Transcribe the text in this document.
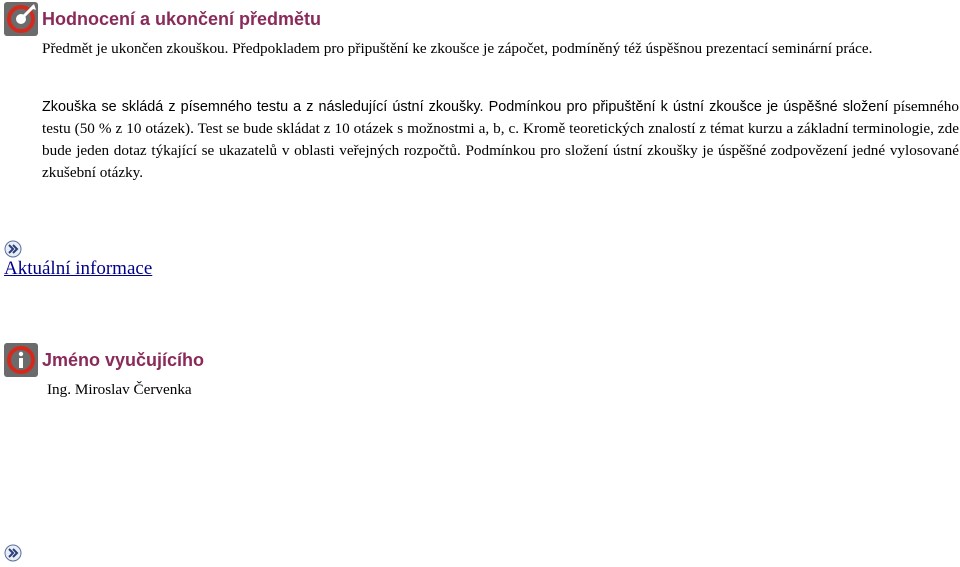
Hodnocení a ukončení předmětu

Předmět je ukončen zkouškou. Předpokladem pro připuštění ke zkoušce je zápočet, podmíněný též úspěšnou prezentací seminární práce.

Zkouška se skládá z písemného testu a z následující ústní zkoušky. Podmínkou pro připuštění k ústní zkoušce je úspěšné složení písemného testu (50 % z 10 otázek). Test se bude skládat z 10 otázek s možnostmi a, b, c. Kromě teoretických znalostí z témat kurzu a základní terminologie, zde bude jeden dotaz týkající se ukazatelů v oblasti veřejných rozpočtů. Podmínkou pro složení ústní zkoušky je úspěšné zodpovězení jedné vylosované zkušební otázky.
Aktuální informace
Jméno vyučujícího
Ing. Miroslav Červenka
